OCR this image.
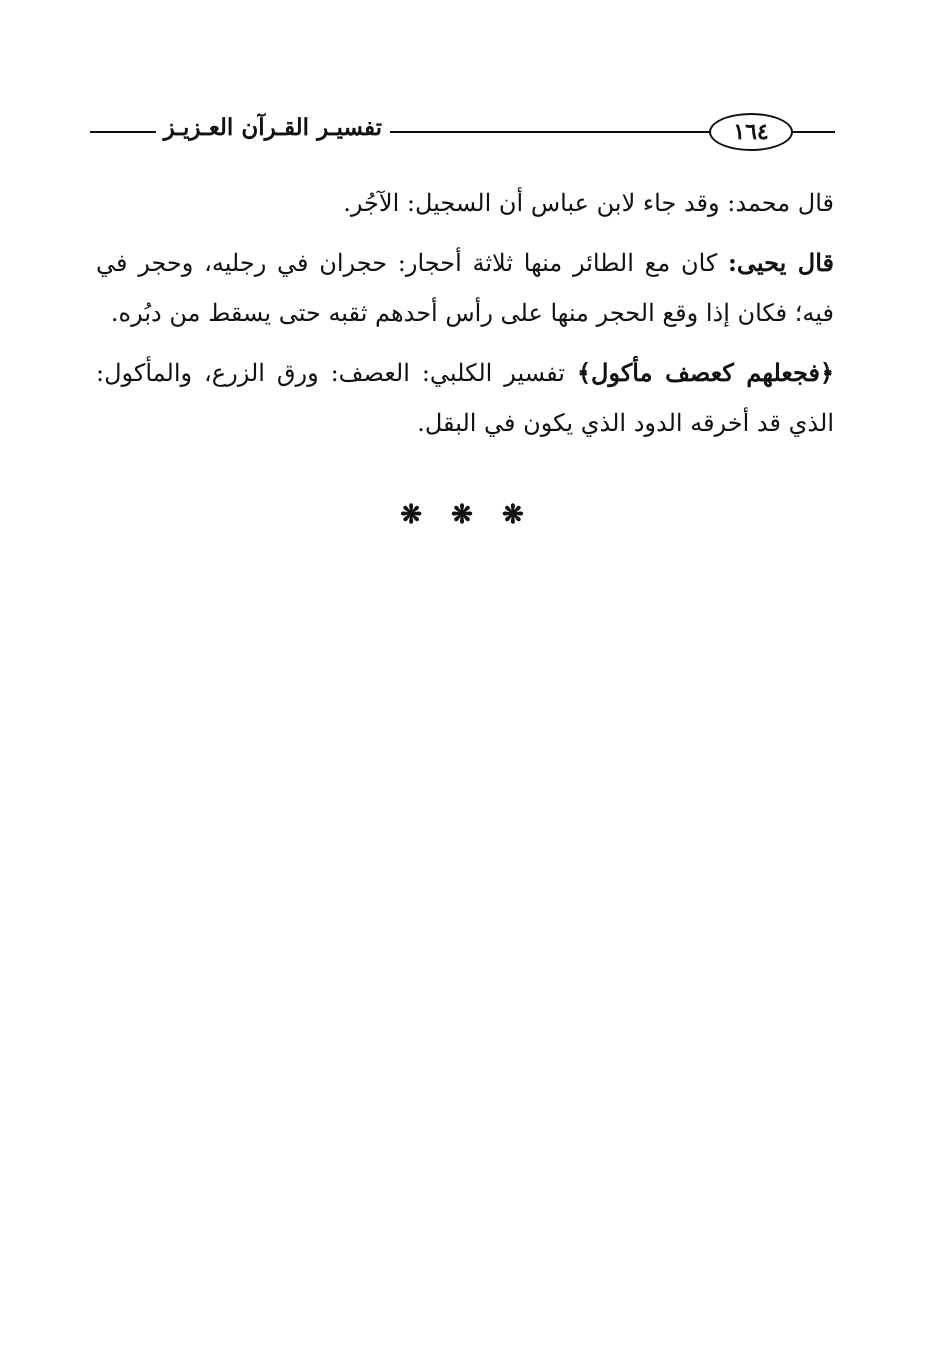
تفسيـر القـرآن العـزيـز	١٦٤

قال محمد: وقد جاء لابن عباس أن السجيل: الآجُر.

قال يحيى: كان مع الطائر منها ثلاثة أحجار: حجران في رجليه، وحجر في فيه؛ فكان إذا وقع الحجر منها على رأس أحدهم ثقبه حتى يسقط من دبُره.

﴿فجعلهم كعصف مأكول﴾ تفسير الكلبي: العصف: ورق الزرع، والمأكول: الذي قد أخرقه الدود الذي يكون في البقل.

❋ ❋ ❋
